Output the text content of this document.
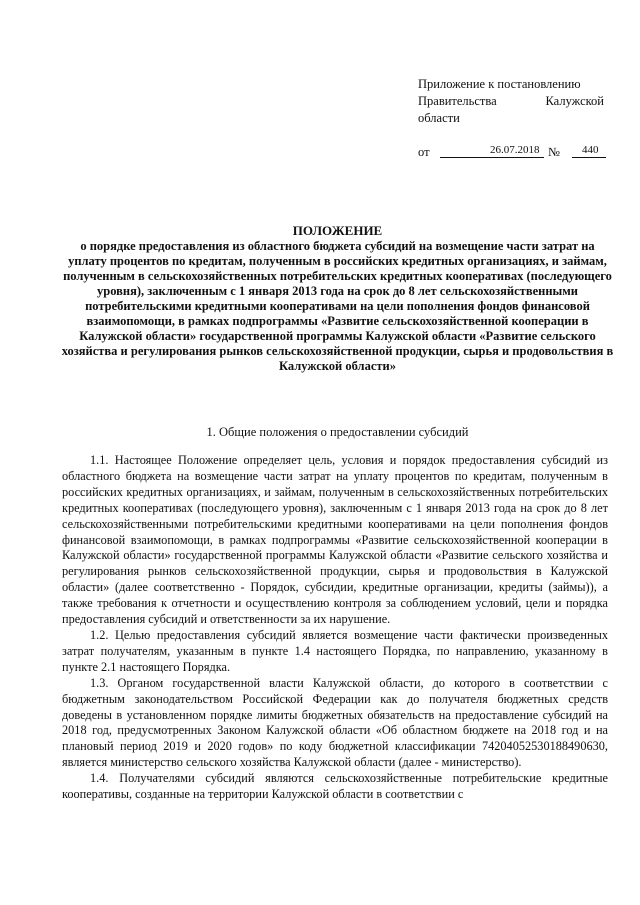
Приложение к постановлению
Правительства	Калужской
области
от	26.07.2018 № 440
ПОЛОЖЕНИЕ
о порядке предоставления из областного бюджета субсидий на возмещение части затрат на уплату процентов по кредитам, полученным в российских кредитных организациях, и займам, полученным в сельскохозяйственных потребительских кредитных кооперативах (последующего уровня), заключенным с 1 января 2013 года на срок до 8 лет сельскохозяйственными потребительскими кредитными кооперативами на цели пополнения фондов финансовой взаимопомощи, в рамках подпрограммы «Развитие сельскохозяйственной кооперации в Калужской области» государственной программы Калужской области «Развитие сельского хозяйства и регулирования рынков сельскохозяйственной продукции, сырья и продовольствия в Калужской области»
1. Общие положения о предоставлении субсидий

1.1. Настоящее Положение определяет цель, условия и порядок предоставления субсидий из областного бюджета на возмещение части затрат на уплату процентов по кредитам, полученным в российских кредитных организациях, и займам, полученным в сельскохозяйственных потребительских кредитных кооперативах (последующего уровня), заключенным с 1 января 2013 года на срок до 8 лет сельскохозяйственными потребительскими кредитными кооперативами на цели пополнения фондов финансовой взаимопомощи, в рамках подпрограммы «Развитие сельскохозяйственной кооперации в Калужской области» государственной программы Калужской области «Развитие сельского хозяйства и регулирования рынков сельскохозяйственной продукции, сырья и продовольствия в Калужской области» (далее соответственно - Порядок, субсидии, кредитные организации, кредиты (займы)), а также требования к отчетности и осуществлению контроля за соблюдением условий, цели и порядка предоставления субсидий и ответственности за их нарушение.

1.2. Целью предоставления субсидий является возмещение части фактически произведенных затрат получателям, указанным в пункте 1.4 настоящего Порядка, по направлению, указанному в пункте 2.1 настоящего Порядка.

1.3. Органом государственной власти Калужской области, до которого в соответствии с бюджетным законодательством Российской Федерации как до получателя бюджетных средств доведены в установленном порядке лимиты бюджетных обязательств на предоставление субсидий на 2018 год, предусмотренных Законом Калужской области «Об областном бюджете на 2018 год и на плановый период 2019 и 2020 годов» по коду бюджетной классификации 74204052530188490630, является министерство сельского хозяйства Калужской области (далее - министерство).

1.4. Получателями субсидий являются сельскохозяйственные потребительские кредитные кооперативы, созданные на территории Калужской области в соответствии с
